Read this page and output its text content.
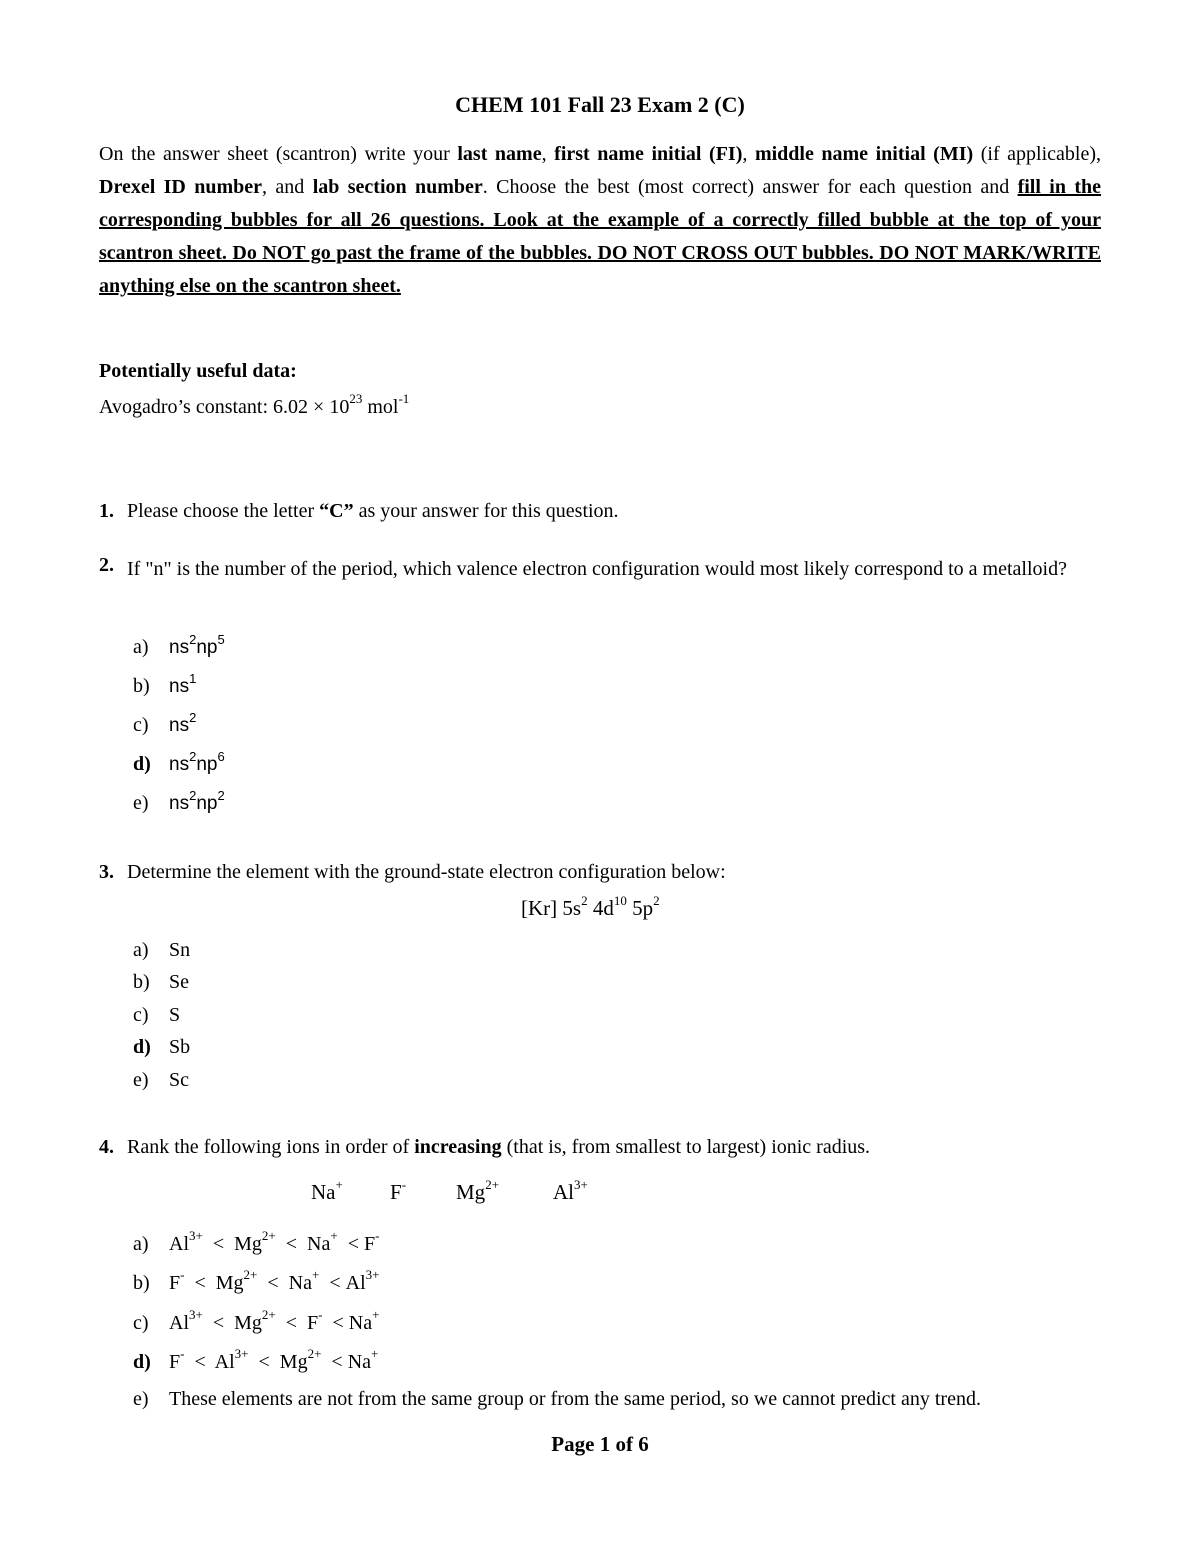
CHEM 101 Fall 23 Exam 2 (C)
On the answer sheet (scantron) write your last name, first name initial (FI), middle name initial (MI) (if applicable), Drexel ID number, and lab section number. Choose the best (most correct) answer for each question and fill in the corresponding bubbles for all 26 questions. Look at the example of a correctly filled bubble at the top of your scantron sheet. Do NOT go past the frame of the bubbles. DO NOT CROSS OUT bubbles. DO NOT MARK/WRITE anything else on the scantron sheet.
Potentially useful data:
Avogadro’s constant: $6.02 \times 10^{23}$ mol$^{-1}$
1. Please choose the letter “C” as your answer for this question.
2. If "n" is the number of the period, which valence electron configuration would most likely correspond to a metalloid?
a) $ns^2np^5$
b) $ns^1$
c) $ns^2$
d) $ns^2np^6$
e) $ns^2np^2$
3. Determine the element with the ground-state electron configuration below:
[Kr] $5s^2$ $4d^{10}$ $5p^2$
a) Sn
b) Se
c) S
d) Sb
e) Sc
4. Rank the following ions in order of increasing (that is, from smallest to largest) ionic radius.
Na+ F- $Mg^{2+}$	$Al^{3+}$
a) $Al^{3+} < Mg^{2+} < Na^+ < F^-$
b) $F^- < Mg^{2+} < Na^+ < Al^{3+}$
c) $Al^{3+} < Mg^{2+} < F^- < Na^+$
d) $F^- < Al^{3+} < Mg^{2+} < Na^+$
e) These elements are not from the same group or from the same period, so we cannot predict any trend.
Page 1 of 6
